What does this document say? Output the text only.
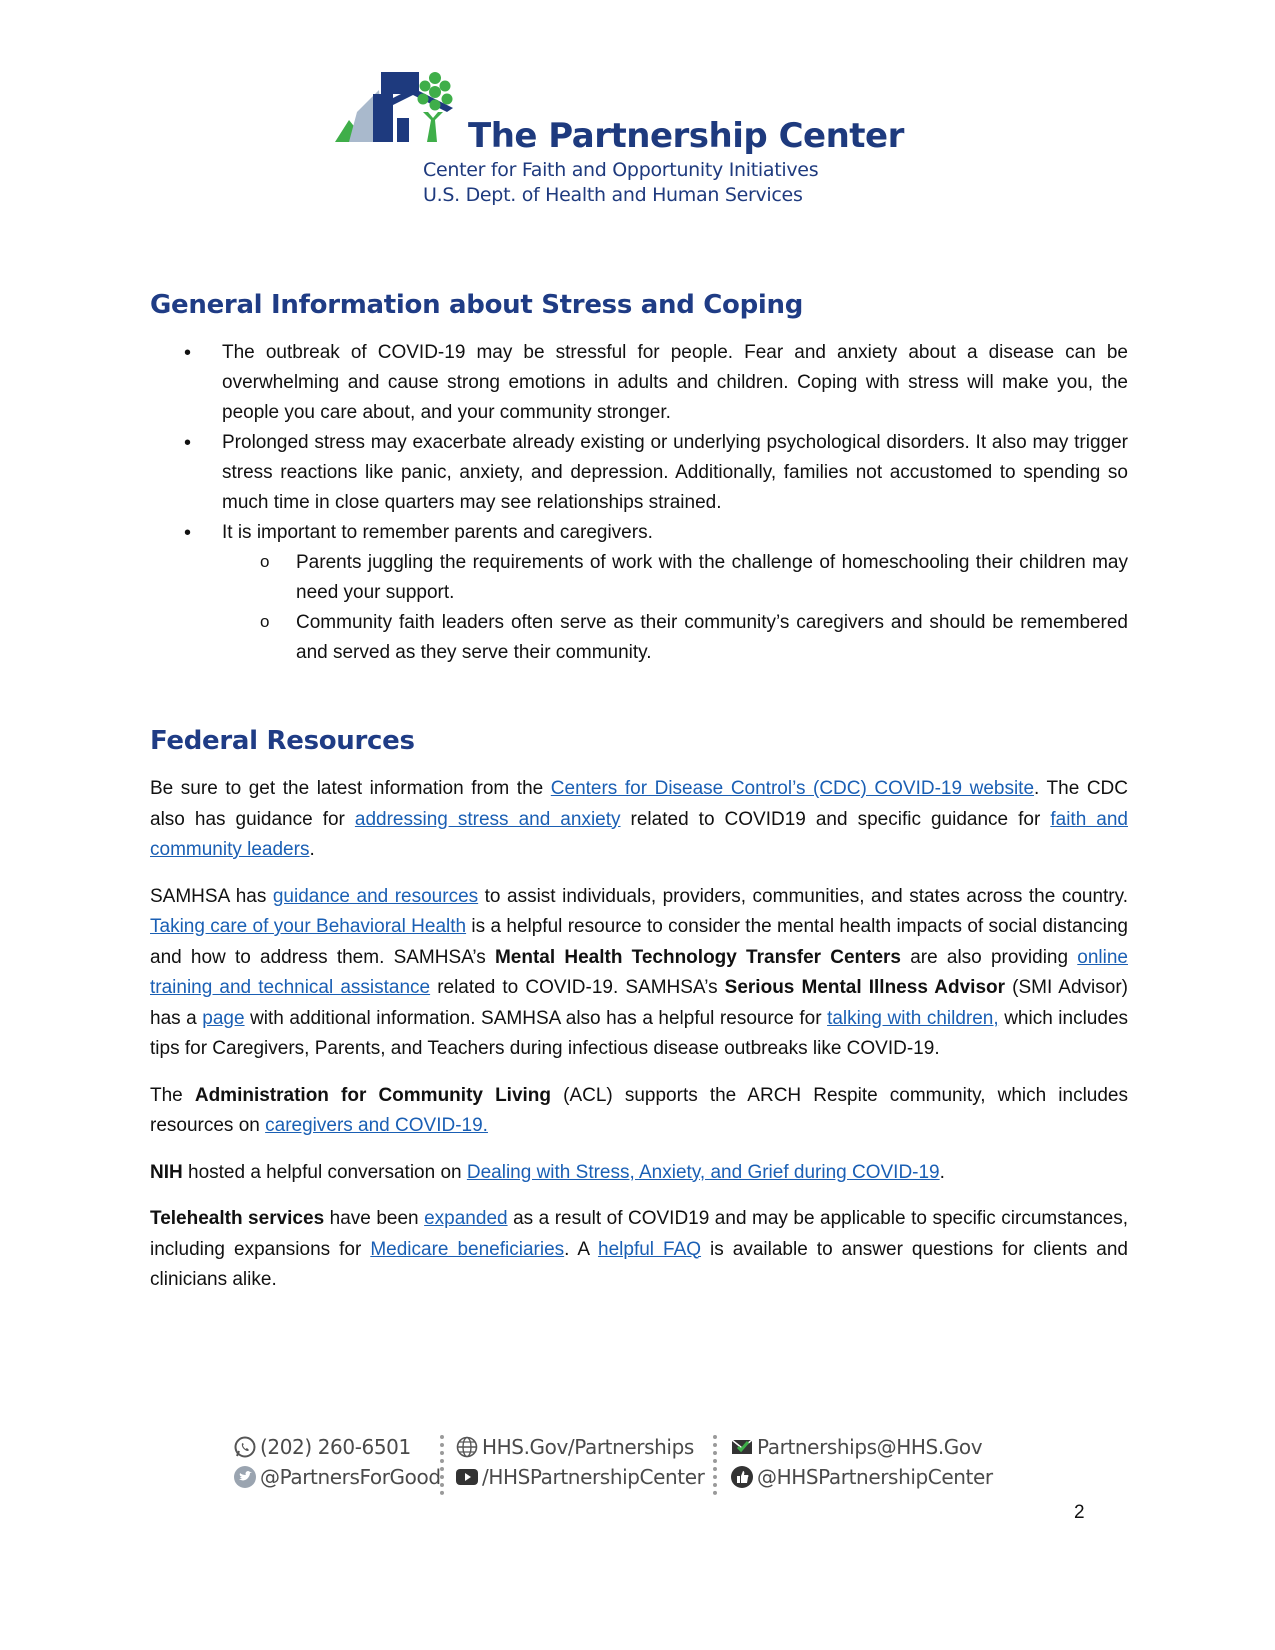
The Partnership Center
Center for Faith and Opportunity Initiatives
U.S. Dept. of Health and Human Services
General Information about Stress and Coping
• The outbreak of COVID-19 may be stressful for people. Fear and anxiety about a disease can be overwhelming and cause strong emotions in adults and children. Coping with stress will make you, the people you care about, and your community stronger.
• Prolonged stress may exacerbate already existing or underlying psychological disorders. It also may trigger stress reactions like panic, anxiety, and depression. Additionally, families not accustomed to spending so much time in close quarters may see relationships strained.
• It is important to remember parents and caregivers.
o Parents juggling the requirements of work with the challenge of homeschooling their children may need your support.
o Community faith leaders often serve as their community’s caregivers and should be remembered and served as they serve their community.
Federal Resources

Be sure to get the latest information from the Centers for Disease Control’s (CDC) COVID-19 website. The CDC also has guidance for addressing stress and anxiety related to COVID19 and specific guidance for faith and community leaders.

SAMHSA has guidance and resources to assist individuals, providers, communities, and states across the country. Taking care of your Behavioral Health is a helpful resource to consider the mental health impacts of social distancing and how to address them. SAMHSA’s Mental Health Technology Transfer Centers are also providing online training and technical assistance related to COVID-19. SAMHSA’s Serious Mental Illness Advisor (SMI Advisor) has a page with additional information. SAMHSA also has a helpful resource for talking with children, which includes tips for Caregivers, Parents, and Teachers during infectious disease outbreaks like COVID-19.

The Administration for Community Living (ACL) supports the ARCH Respite community, which includes resources on caregivers and COVID-19.

NIH hosted a helpful conversation on Dealing with Stress, Anxiety, and Grief during COVID-19.

Telehealth services have been expanded as a result of COVID19 and may be applicable to specific circumstances, including expansions for Medicare beneficiaries. A helpful FAQ is available to answer questions for clients and clinicians alike.

(202) 260-6501
@PartnersForGood
HHS.Gov/Partnerships
/HHSPartnershipCenter
Partnerships@HHS.Gov
@HHSPartnershipCenter
2
